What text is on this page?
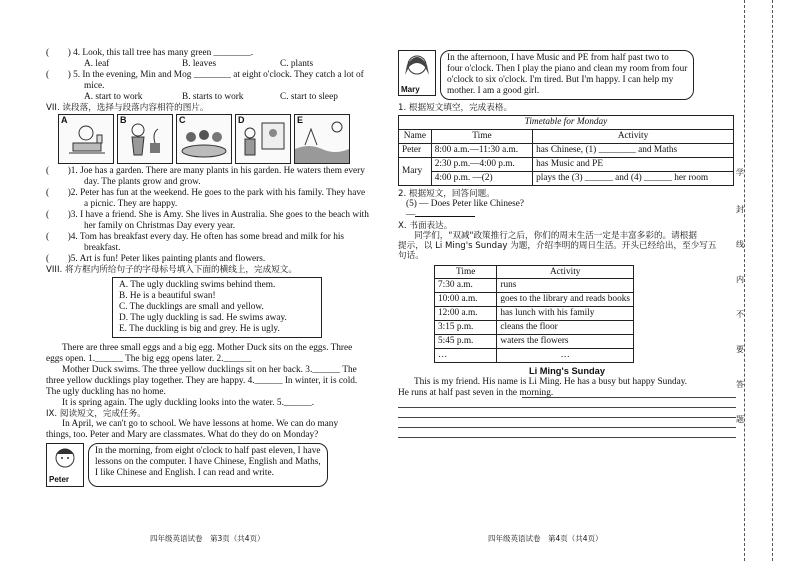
(　　) 4. Look, this tall tree has many green ________.
A. leaf	B. leaves	C. plants
(　　) 5. In the evening, Min and Mog ________ at eight o'clock. They catch a lot of
mice.
A. start to work	B. starts to work	C. start to sleep
VII. 读段落，选择与段落内容相符的图片。
A	B	C	D	E
(　　)1. Joe has a garden. There are many plants in his garden. He waters them every
day. The plants grow and grow.
(　　)2. Peter has fun at the weekend. He goes to the park with his family. They have
a picnic. They are happy.
(　　)3. I have a friend. She is Amy. She lives in Australia. She goes to the beach with
her family on Christmas Day every year.
(　　)4. Tom has breakfast every day. He often has some bread and milk for his
breakfast.
(　　)5. Art is fun! Peter likes painting plants and flowers.
VIII. 将方框内所给句子的字母标号填入下面的横线上，完成短文。
A. The ugly duckling swims behind them.
B. He is a beautiful swan!
C. The ducklings are small and yellow.
D. The ugly duckling is sad. He swims away.
E. The duckling is big and grey. He is ugly.
There are three small eggs and a big egg. Mother Duck sits on the eggs. Three
eggs open. 1.______ The big egg opens later. 2.______
Mother Duck swims. The three yellow ducklings sit on her back. 3.______ The
three yellow ducklings play together. They are happy. 4.______ In winter, it is cold.
The ugly duckling has no home.
It is spring again. The ugly duckling looks into the water. 5.______.
IX. 阅读短文，完成任务。
In April, we can't go to school. We have lessons at home. We can do many
things, too. Peter and Mary are classmates. What do they do on Monday?
Peter
In the morning, from eight o'clock to half past eleven, I have
lessons on the computer. I have Chinese, English and Maths,
I like Chinese and English. I can read and write.
四年级英语试卷　第3页（共4页）
Mary
In the afternoon, I have Music and PE from half past two to
four o'clock. Then I play the piano and clean my room from four
o'clock to six o'clock. I'm tired. But I'm happy. I can help my
mother. I am a good girl.
1. 根据短文填空，完成表格。
Timetable for Monday		
Name	Time	Activity
Peter	8:00 a.m.—11:30 a.m.	has Chinese, (1) ________ and Maths
Mary	2:30 p.m.—4:00 p.m.	has Music and PE
	4:00 p.m. —(2)	plays the (3) ______ and (4) ______ her room
2. 根据短文，回答问题。
(5) — Does Peter like Chinese?
—
X. 书面表达。
同学们，"双减"政策推行之后，你们的周末生活一定是丰富多彩的。请根据
提示，以 Li Ming's Sunday 为题，介绍李明的周日生活。开头已经给出，至少写五
句话。
Time	Activity
7:30 a.m.	runs
10:00 a.m.	goes to the library and reads books
12:00 a.m.	has lunch with his family
3:15 p.m.	cleans the floor
5:45 p.m.	waters the flowers
…	…
Li Ming's Sunday
This is my friend. His name is Li Ming. He has a busy but happy Sunday.
He runs at half past seven in the morning.
四年级英语试卷　第4页（共4页）
学
封
线
内
不
要
答
题
